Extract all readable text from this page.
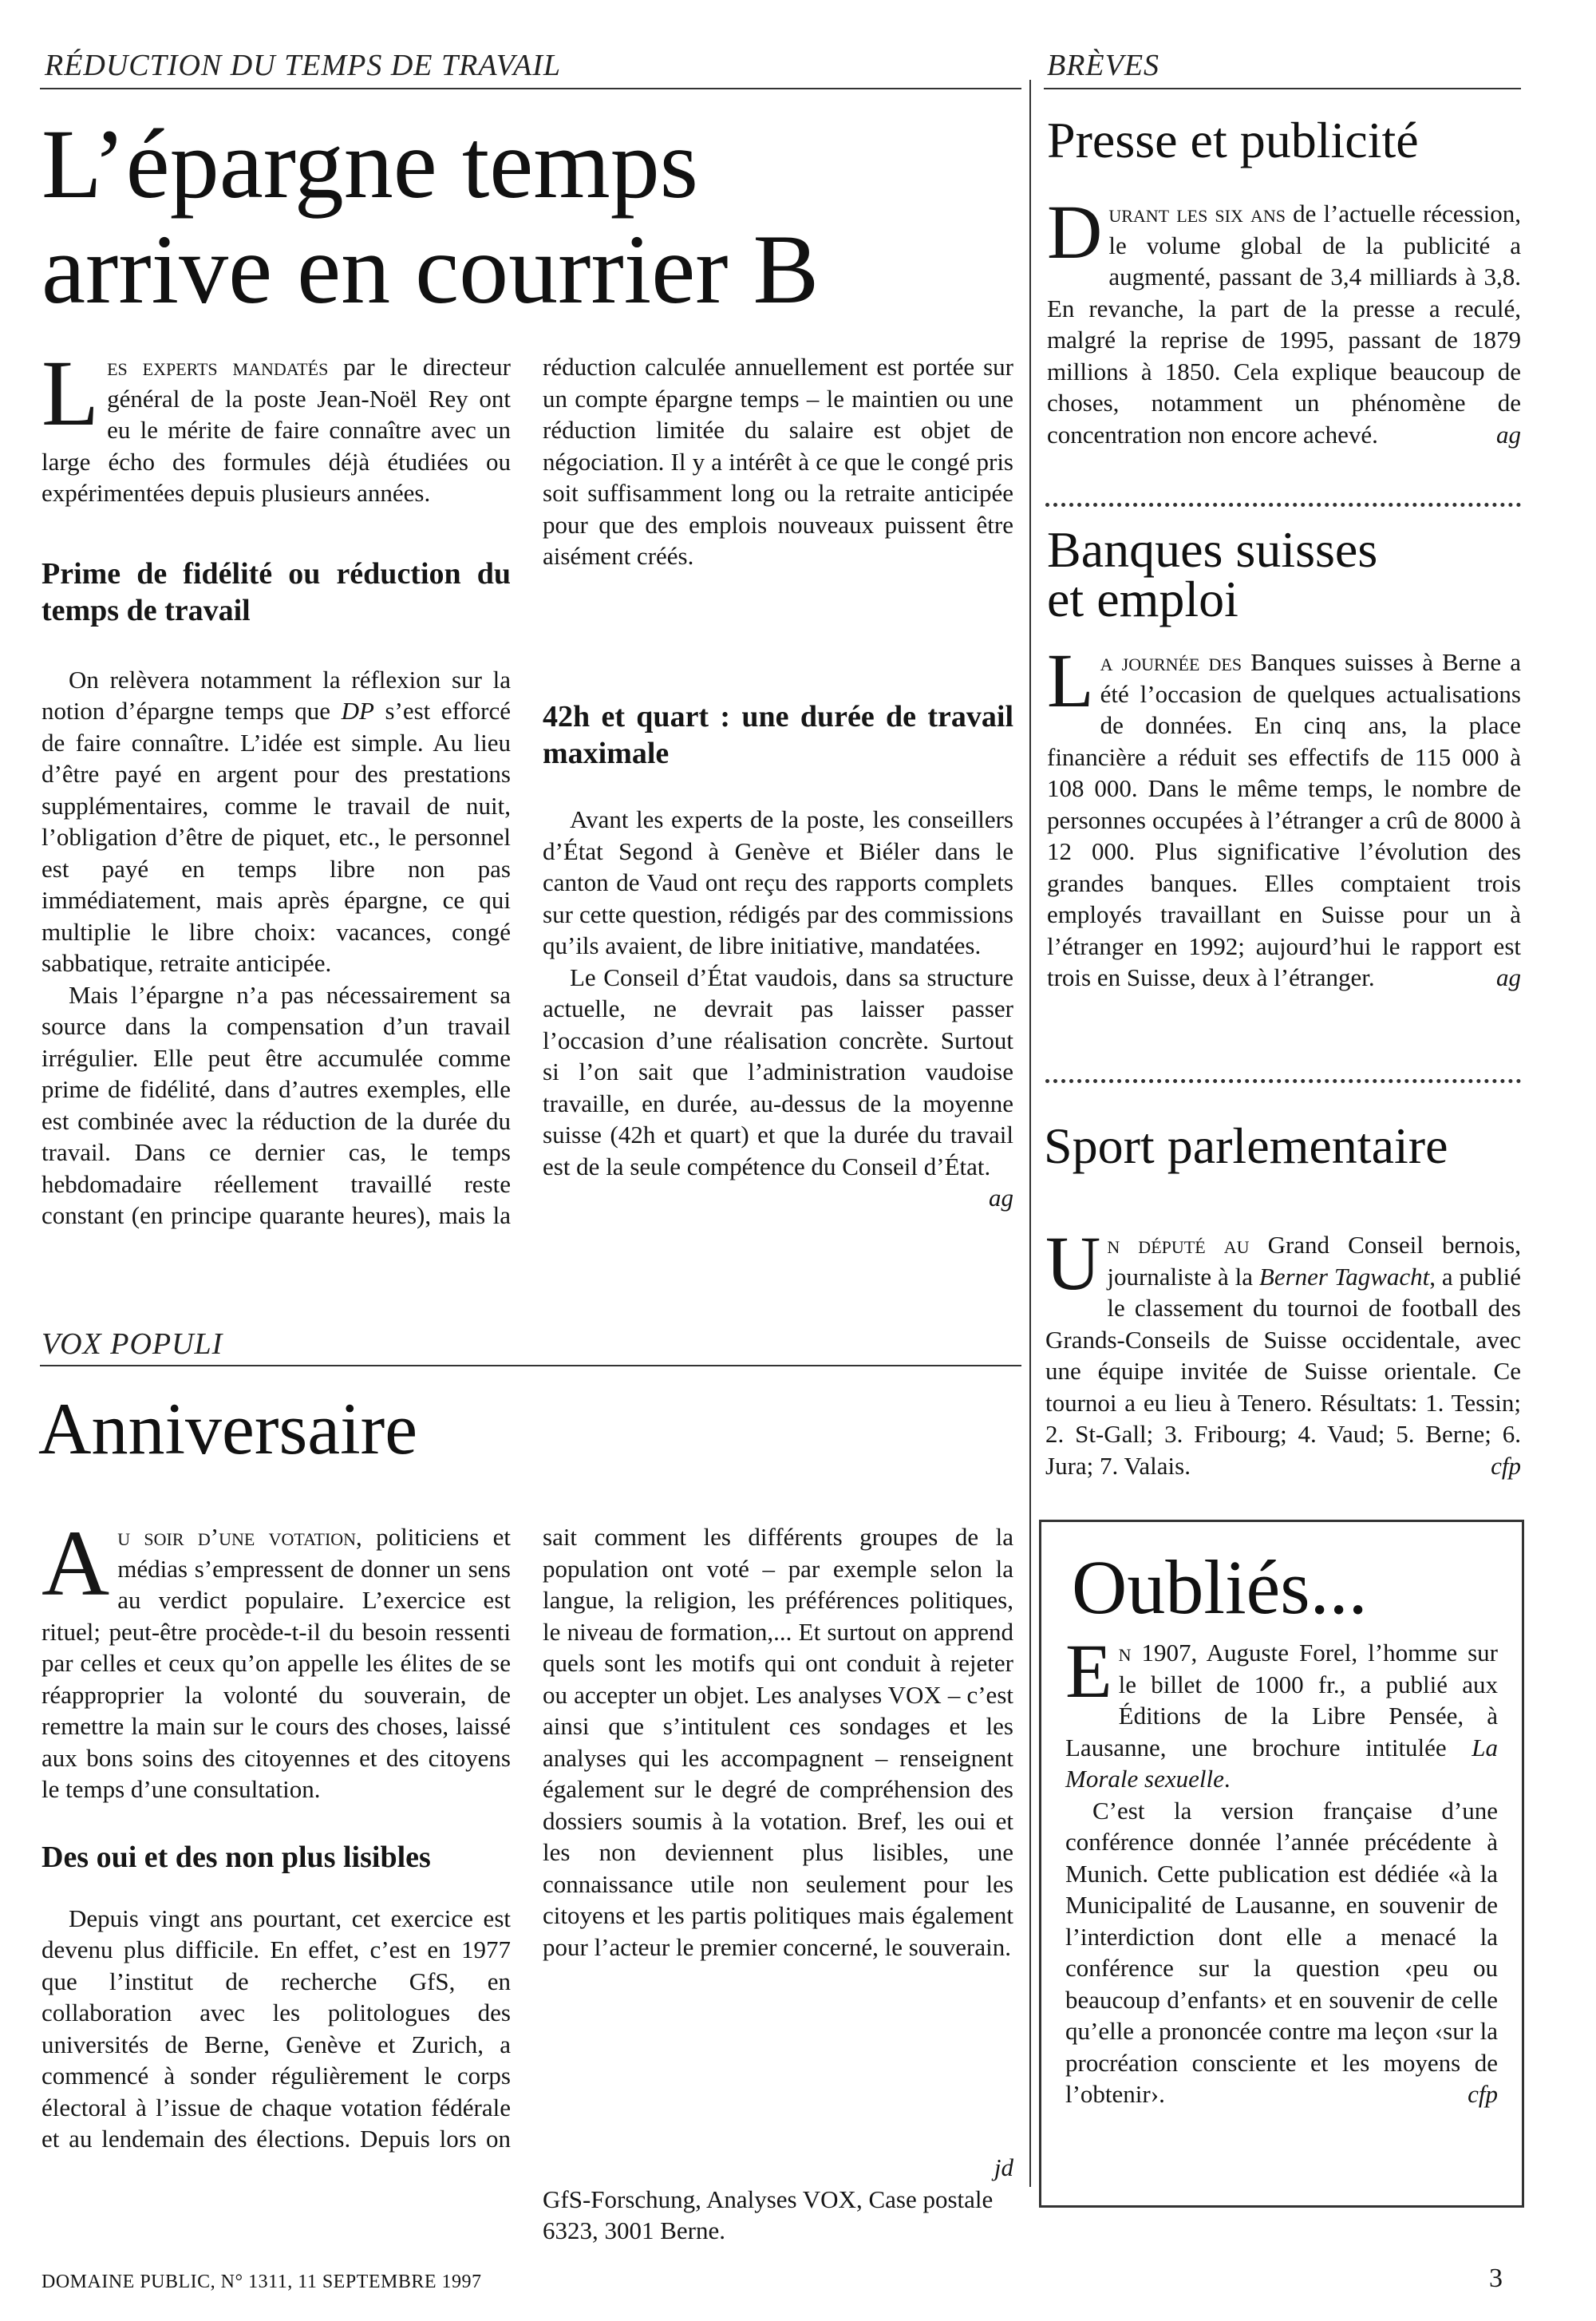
RÉDUCTION DU TEMPS DE TRAVAIL	BRÈVES
L’épargne temps
arrive en courrier B

Les experts mandatés par le directeur général de la poste Jean-Noël Rey ont eu le mérite de faire connaître avec un large écho des formules déjà étudiées ou expérimentées depuis plusieurs années.

Prime de fidélité ou réduction du temps de travail

On relèvera notamment la réflexion sur la notion d’épargne temps que DP s’est efforcé de faire connaître. L’idée est simple. Au lieu d’être payé en argent pour des prestations supplémentaires, comme le travail de nuit, l’obligation d’être de piquet, etc., le personnel est payé en temps libre non pas immédiatement, mais après épargne, ce qui multiplie le libre choix: vacances, congé sabbatique, retraite anticipée.

Mais l’épargne n’a pas nécessairement sa source dans la compensation d’un travail irrégulier. Elle peut être accumulée comme prime de fidélité, dans d’autres exemples, elle est combinée avec la réduction de la durée du travail. Dans ce dernier cas, le temps hebdomadaire réellement travaillé reste constant (en principe quarante heures), mais la

réduction calculée annuellement est portée sur un compte épargne temps – le maintien ou une réduction limitée du salaire est objet de négociation. Il y a intérêt à ce que le congé pris soit suffisamment long ou la retraite anticipée pour que des emplois nouveaux puissent être aisément créés.

42h et quart : une durée de travail maximale

Avant les experts de la poste, les conseillers d’État Segond à Genève et Biéler dans le canton de Vaud ont reçu des rapports complets sur cette question, rédigés par des commissions qu’ils avaient, de libre initiative, mandatées.

Le Conseil d’État vaudois, dans sa structure actuelle, ne devrait pas laisser passer l’occasion d’une réalisation concrète. Surtout si l’on sait que l’administration vaudoise travaille, en durée, au-dessus de la moyenne suisse (42h et quart) et que la durée du travail est de la seule compétence du Conseil d’État.
ag

VOX POPULI
Anniversaire

Au soir d’une votation, politiciens et médias s’empressent de donner un sens au verdict populaire. L’exercice est rituel; peut-être procède-t-il du besoin ressenti par celles et ceux qu’on appelle les élites de se réapproprier la volonté du souverain, de remettre la main sur le cours des choses, laissé aux bons soins des citoyennes et des citoyens le temps d’une consultation.

Des oui et des non plus lisibles

Depuis vingt ans pourtant, cet exercice est devenu plus difficile. En effet, c’est en 1977 que l’institut de recherche GfS, en collaboration avec les politologues des universités de Berne, Genève et Zurich, a commencé à sonder régulièrement le corps électoral à l’issue de chaque votation fédérale et au lendemain des élections. Depuis lors on

sait comment les différents groupes de la population ont voté – par exemple selon la langue, la religion, les préférences politiques, le niveau de formation,... Et surtout on apprend quels sont les motifs qui ont conduit à rejeter ou accepter un objet. Les analyses VOX – c’est ainsi que s’intitulent ces sondages et les analyses qui les accompagnent – renseignent également sur le degré de compréhension des dossiers soumis à la votation. Bref, les oui et les non deviennent plus lisibles, une connaissance utile non seulement pour les citoyens et les partis politiques mais également pour l’acteur le premier concerné, le souverain.

jd

GfS-Forschung, Analyses VOX, Case postale 6323, 3001 Berne.

Presse et publicité

Durant les six ans de l’actuelle récession, le volume global de la publicité a augmenté, passant de 3,4 milliards à 3,8. En revanche, la part de la presse a reculé, malgré la reprise de 1995, passant de 1879 millions à 1850. Cela explique beaucoup de choses, notamment un phénomène de concentration non encore achevé.	ag

Banques suisses
et emploi

La journée des Banques suisses à Berne a été l’occasion de quelques actualisations de données. En cinq ans, la place financière a réduit ses effectifs de 115 000 à 108 000. Dans le même temps, le nombre de personnes occupées à l’étranger a crû de 8000 à 12 000. Plus significative l’évolution des grandes banques. Elles comptaient trois employés travaillant en Suisse pour un à l’étranger en 1992; aujourd’hui le rapport est trois en Suisse, deux à l’étranger.	ag

Sport parlementaire

Un député au Grand Conseil bernois, journaliste à la Berner Tagwacht, a publié le classement du tournoi de football des Grands-Conseils de Suisse occidentale, avec une équipe invitée de Suisse orientale. Ce tournoi a eu lieu à Tenero. Résultats: 1. Tessin; 2. St-Gall; 3. Fribourg; 4. Vaud; 5. Berne; 6. Jura; 7. Valais.	cfp

Oubliés...

En 1907, Auguste Forel, l’homme sur le billet de 1000 fr., a publié aux Éditions de la Libre Pensée, à Lausanne, une brochure intitulée La Morale sexuelle.

C’est la version française d’une conférence donnée l’année précédente à Munich. Cette publication est dédiée «à la Municipalité de Lausanne, en souvenir de l’interdiction dont elle a menacé la conférence sur la question ‹peu ou beaucoup d’enfants› et en souvenir de celle qu’elle a prononcée contre ma leçon ‹sur la procréation consciente et les moyens de l’obtenir›.	cfp

DOMAINE PUBLIC, N° 1311, 11 SEPTEMBRE 1997	3
